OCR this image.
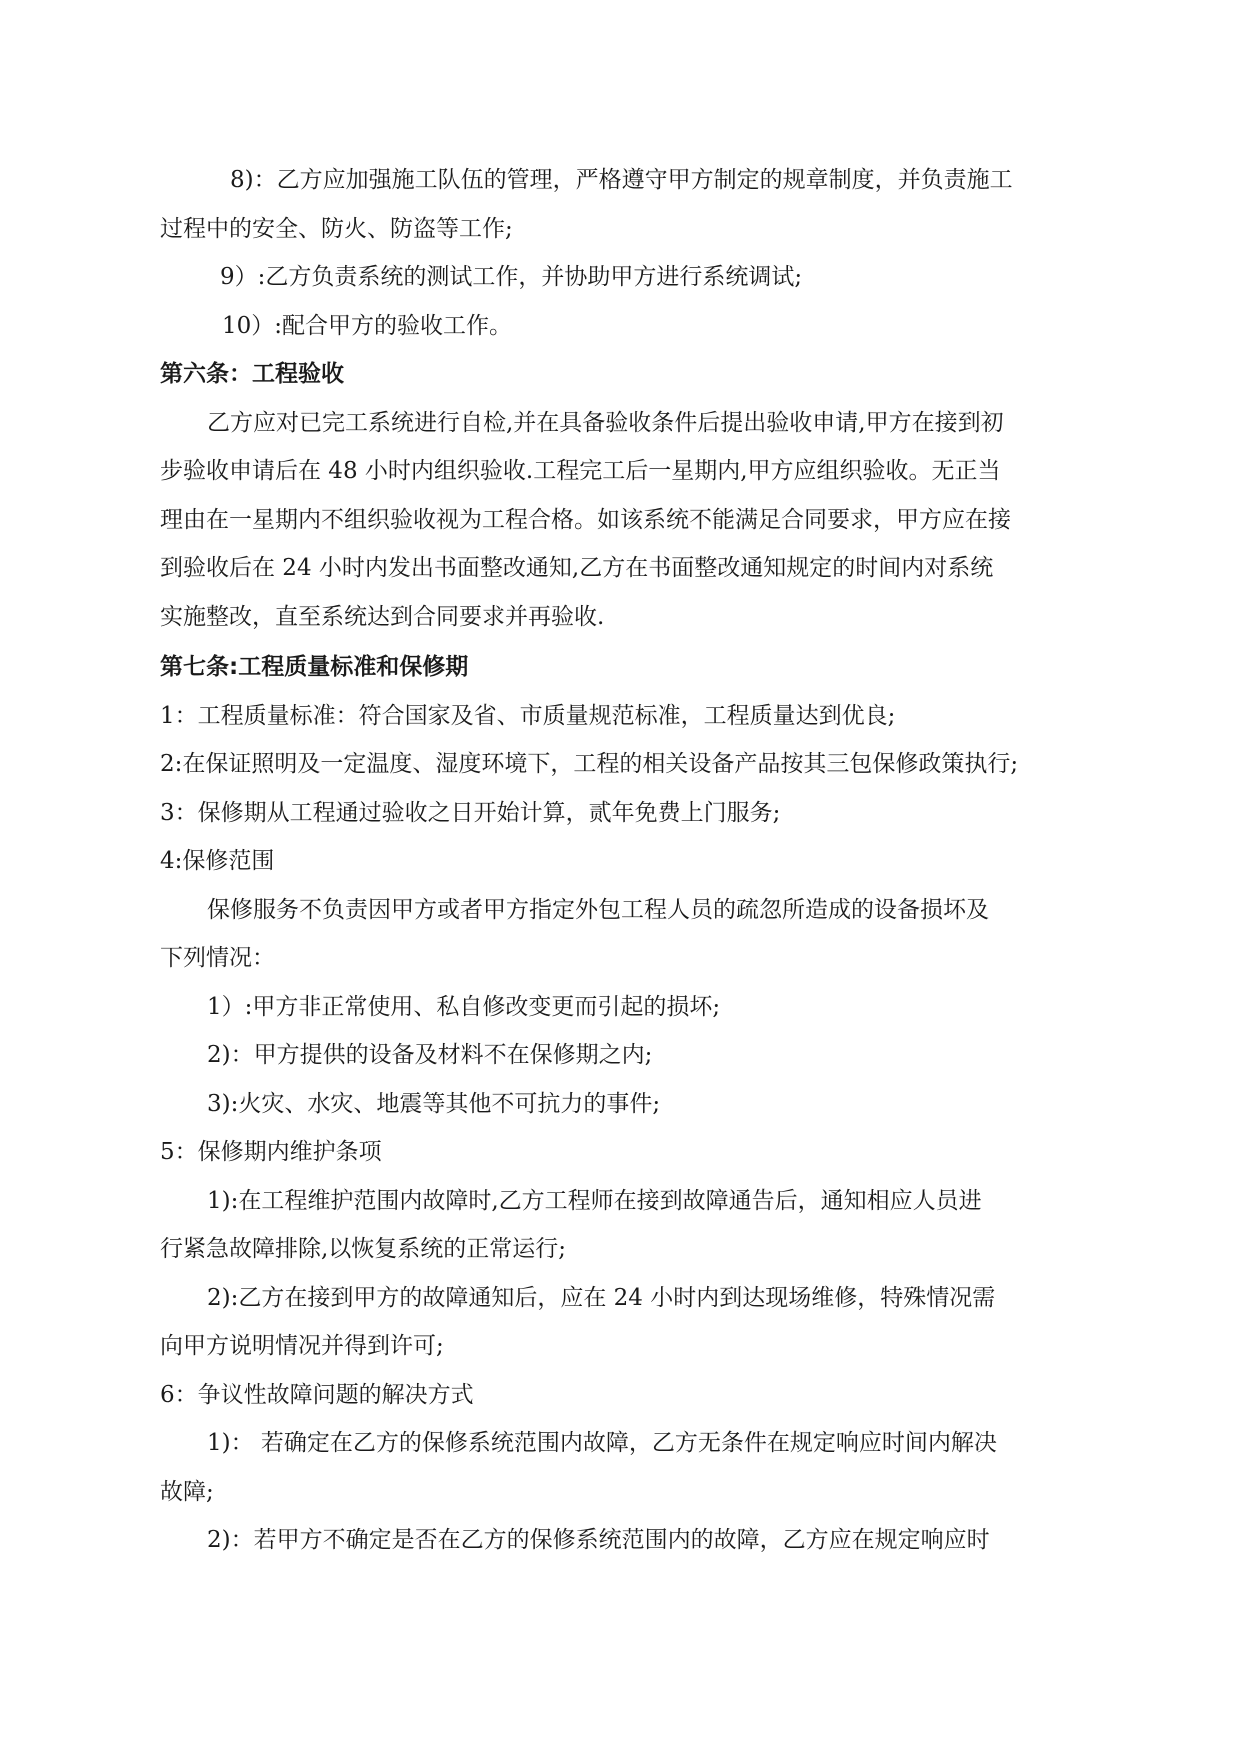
8)：乙方应加强施工队伍的管理，严格遵守甲方制定的规章制度，并负责施工
过程中的安全、防火、防盗等工作;
9）:乙方负责系统的测试工作，并协助甲方进行系统调试;
10）:配合甲方的验收工作。
第六条：工程验收
乙方应对已完工系统进行自检,并在具备验收条件后提出验收申请,甲方在接到初
步验收申请后在 48 小时内组织验收.工程完工后一星期内,甲方应组织验收。无正当
理由在一星期内不组织验收视为工程合格。如该系统不能满足合同要求，甲方应在接
到验收后在 24 小时内发出书面整改通知,乙方在书面整改通知规定的时间内对系统
实施整改，直至系统达到合同要求并再验收.
第七条:工程质量标准和保修期
1：工程质量标准：符合国家及省、市质量规范标准，工程质量达到优良;
2:在保证照明及一定温度、湿度环境下，工程的相关设备产品按其三包保修政策执行;
3：保修期从工程通过验收之日开始计算，贰年免费上门服务;
4:保修范围
保修服务不负责因甲方或者甲方指定外包工程人员的疏忽所造成的设备损坏及
下列情况：
1）:甲方非正常使用、私自修改变更而引起的损坏;
2)：甲方提供的设备及材料不在保修期之内;
3):火灾、水灾、地震等其他不可抗力的事件;
5：保修期内维护条项
1):在工程维护范围内故障时,乙方工程师在接到故障通告后，通知相应人员进
行紧急故障排除,以恢复系统的正常运行;
2):乙方在接到甲方的故障通知后，应在 24 小时内到达现场维修，特殊情况需
向甲方说明情况并得到许可;
6：争议性故障问题的解决方式
1)： 若确定在乙方的保修系统范围内故障，乙方无条件在规定响应时间内解决
故障;
2)：若甲方不确定是否在乙方的保修系统范围内的故障，乙方应在规定响应时
